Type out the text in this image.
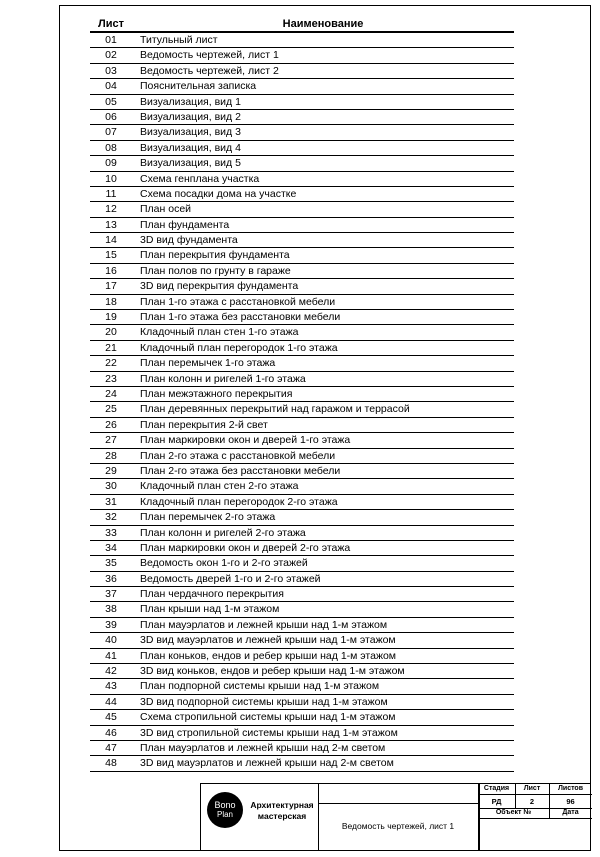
Лист	Наименование
01	Титульный лист
02	Ведомость чертежей, лист 1
03	Ведомость чертежей, лист 2
04	Пояснительная записка
05	Визуализация, вид 1
06	Визуализация, вид 2
07	Визуализация, вид 3
08	Визуализация, вид 4
09	Визуализация, вид 5
10	Схема генплана участка
11	Схема посадки дома на участке
12	План осей
13	План фундамента
14	3D вид фундамента
15	План перекрытия фундамента
16	План полов по грунту в гараже
17	3D вид перекрытия фундамента
18	План 1-го этажа с расстановкой мебели
19	План 1-го этажа без расстановки мебели
20	Кладочный план стен 1-го этажа
21	Кладочный план перегородок 1-го этажа
22	План перемычек 1-го этажа
23	План колонн и ригелей 1-го этажа
24	План межэтажного перекрытия
25	План деревянных перекрытий над гаражом и террасой
26	План перекрытия 2-й свет
27	План маркировки окон и дверей 1-го этажа
28	План 2-го этажа с расстановкой мебели
29	План 2-го этажа без расстановки мебели
30	Кладочный план стен 2-го этажа
31	Кладочный план перегородок 2-го этажа
32	План перемычек 2-го этажа
33	План колонн и ригелей 2-го этажа
34	План маркировки окон и дверей 2-го этажа
35	Ведомость окон 1-го и 2-го этажей
36	Ведомость дверей 1-го и 2-го этажей
37	План чердачного перекрытия
38	План крыши над 1-м этажом
39	План мауэрлатов и лежней крыши над 1-м этажом
40	3D вид мауэрлатов и лежней крыши над 1-м этажом
41	План коньков, ендов и ребер крыши над 1-м этажом
42	3D вид коньков, ендов и ребер крыши над 1-м этажом
43	План подпорной системы крыши над 1-м этажом
44	3D вид подпорной системы крыши над 1-м этажом
45	Схема стропильной системы крыши над 1-м этажом
46	3D вид стропильной системы крыши над 1-м этажом
47	План мауэрлатов и лежней крыши над 2-м светом
48	3D вид мауэрлатов и лежней крыши над 2-м светом
Bono
Plan
Архитектурная
мастерская
Ведомость чертежей, лист 1
Стадия	Лист	Листов
РД	2	96
Объект №	Дата
